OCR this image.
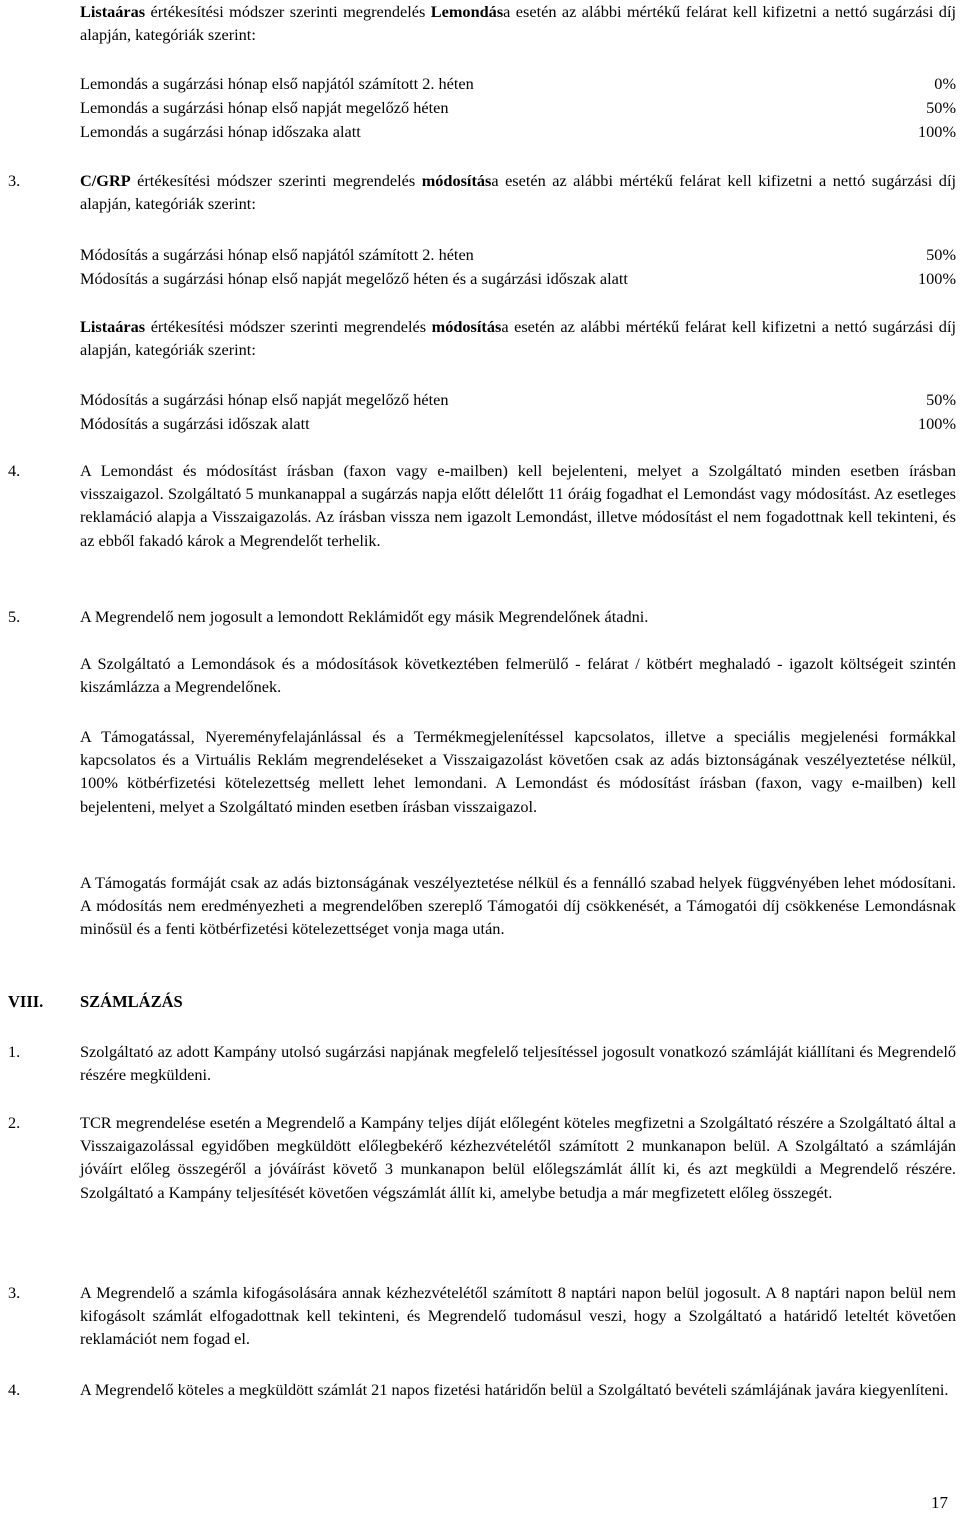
Listaáras értékesítési módszer szerinti megrendelés Lemondása esetén az alábbi mértékű felárat kell kifizetni a nettó sugárzási díj alapján, kategóriák szerint:

Lemondás a sugárzási hónap első napjától számított 2. héten	0%
Lemondás a sugárzási hónap első napját megelőző héten	50%
Lemondás a sugárzási hónap időszaka alatt	100%
3.	C/GRP értékesítési módszer szerinti megrendelés módosítása esetén az alábbi mértékű felárat kell kifizetni a nettó sugárzási díj alapján, kategóriák szerint:

Módosítás a sugárzási hónap első napjától számított 2. héten	50%
Módosítás a sugárzási hónap első napját megelőző héten és a sugárzási időszak alatt	100%

Listaáras értékesítési módszer szerinti megrendelés módosítása esetén az alábbi mértékű felárat kell kifizetni a nettó sugárzási díj alapján, kategóriák szerint:

Módosítás a sugárzási hónap első napját megelőző héten	50%
Módosítás a sugárzási időszak alatt	100%
4.	A Lemondást és módosítást írásban (faxon vagy e-mailben) kell bejelenteni, melyet a Szolgáltató minden esetben írásban visszaigazol. Szolgáltató 5 munkanappal a sugárzás napja előtt délelőtt 11 óráig fogadhat el Lemondást vagy módosítást. Az esetleges reklamáció alapja a Visszaigazolás. Az írásban vissza nem igazolt Lemondást, illetve módosítást el nem fogadottnak kell tekinteni, és az ebből fakadó károk a Megrendelőt terhelik.

5.	A Megrendelő nem jogosult a lemondott Reklámidőt egy másik Megrendelőnek átadni.

A Szolgáltató a Lemondások és a módosítások következtében felmerülő - felárat / kötbért meghaladó - igazolt költségeit szintén kiszámlázza a Megrendelőnek.

A Támogatással, Nyereményfelajánlással és a Termékmegjelenítéssel kapcsolatos, illetve a speciális megjelenési formákkal kapcsolatos és a Virtuális Reklám megrendeléseket a Visszaigazolást követően csak az adás biztonságának veszélyeztetése nélkül, 100% kötbérfizetési kötelezettség mellett lehet lemondani. A Lemondást és módosítást írásban (faxon, vagy e-mailben) kell bejelenteni, melyet a Szolgáltató minden esetben írásban visszaigazol.

A Támogatás formáját csak az adás biztonságának veszélyeztetése nélkül és a fennálló szabad helyek függvényében lehet módosítani. A módosítás nem eredményezheti a megrendelőben szereplő Támogatói díj csökkenését, a Támogatói díj csökkenése Lemondásnak minősül és a fenti kötbérfizetési kötelezettséget vonja maga után.

VIII. SZÁMLÁZÁS
1.	Szolgáltató az adott Kampány utolsó sugárzási napjának megfelelő teljesítéssel jogosult vonatkozó számláját kiállítani és Megrendelő részére megküldeni.

2.	TCR megrendelése esetén a Megrendelő a Kampány teljes díját előlegént köteles megfizetni a Szolgáltató részére a Szolgáltató által a Visszaigazolással egyidőben megküldött előlegbekérő kézhezvételétől számított 2 munkanapon belül. A Szolgáltató a számláján jóváírt előleg összegéről a jóváírást követő 3 munkanapon belül előlegszámlát állít ki, és azt megküldi a Megrendelő részére. Szolgáltató a Kampány teljesítését követően végszámlát állít ki, amelybe betudja a már megfizetett előleg összegét.

3.	A Megrendelő a számla kifogásolására annak kézhezvételétől számított 8 naptári napon belül jogosult. A 8 naptári napon belül nem kifogásolt számlát elfogadottnak kell tekinteni, és Megrendelő tudomásul veszi, hogy a Szolgáltató a határidő leteltét követően reklamációt nem fogad el.

4.	A Megrendelő köteles a megküldött számlát 21 napos fizetési határidőn belül a Szolgáltató bevételi számlájának javára kiegyenlíteni.

17
